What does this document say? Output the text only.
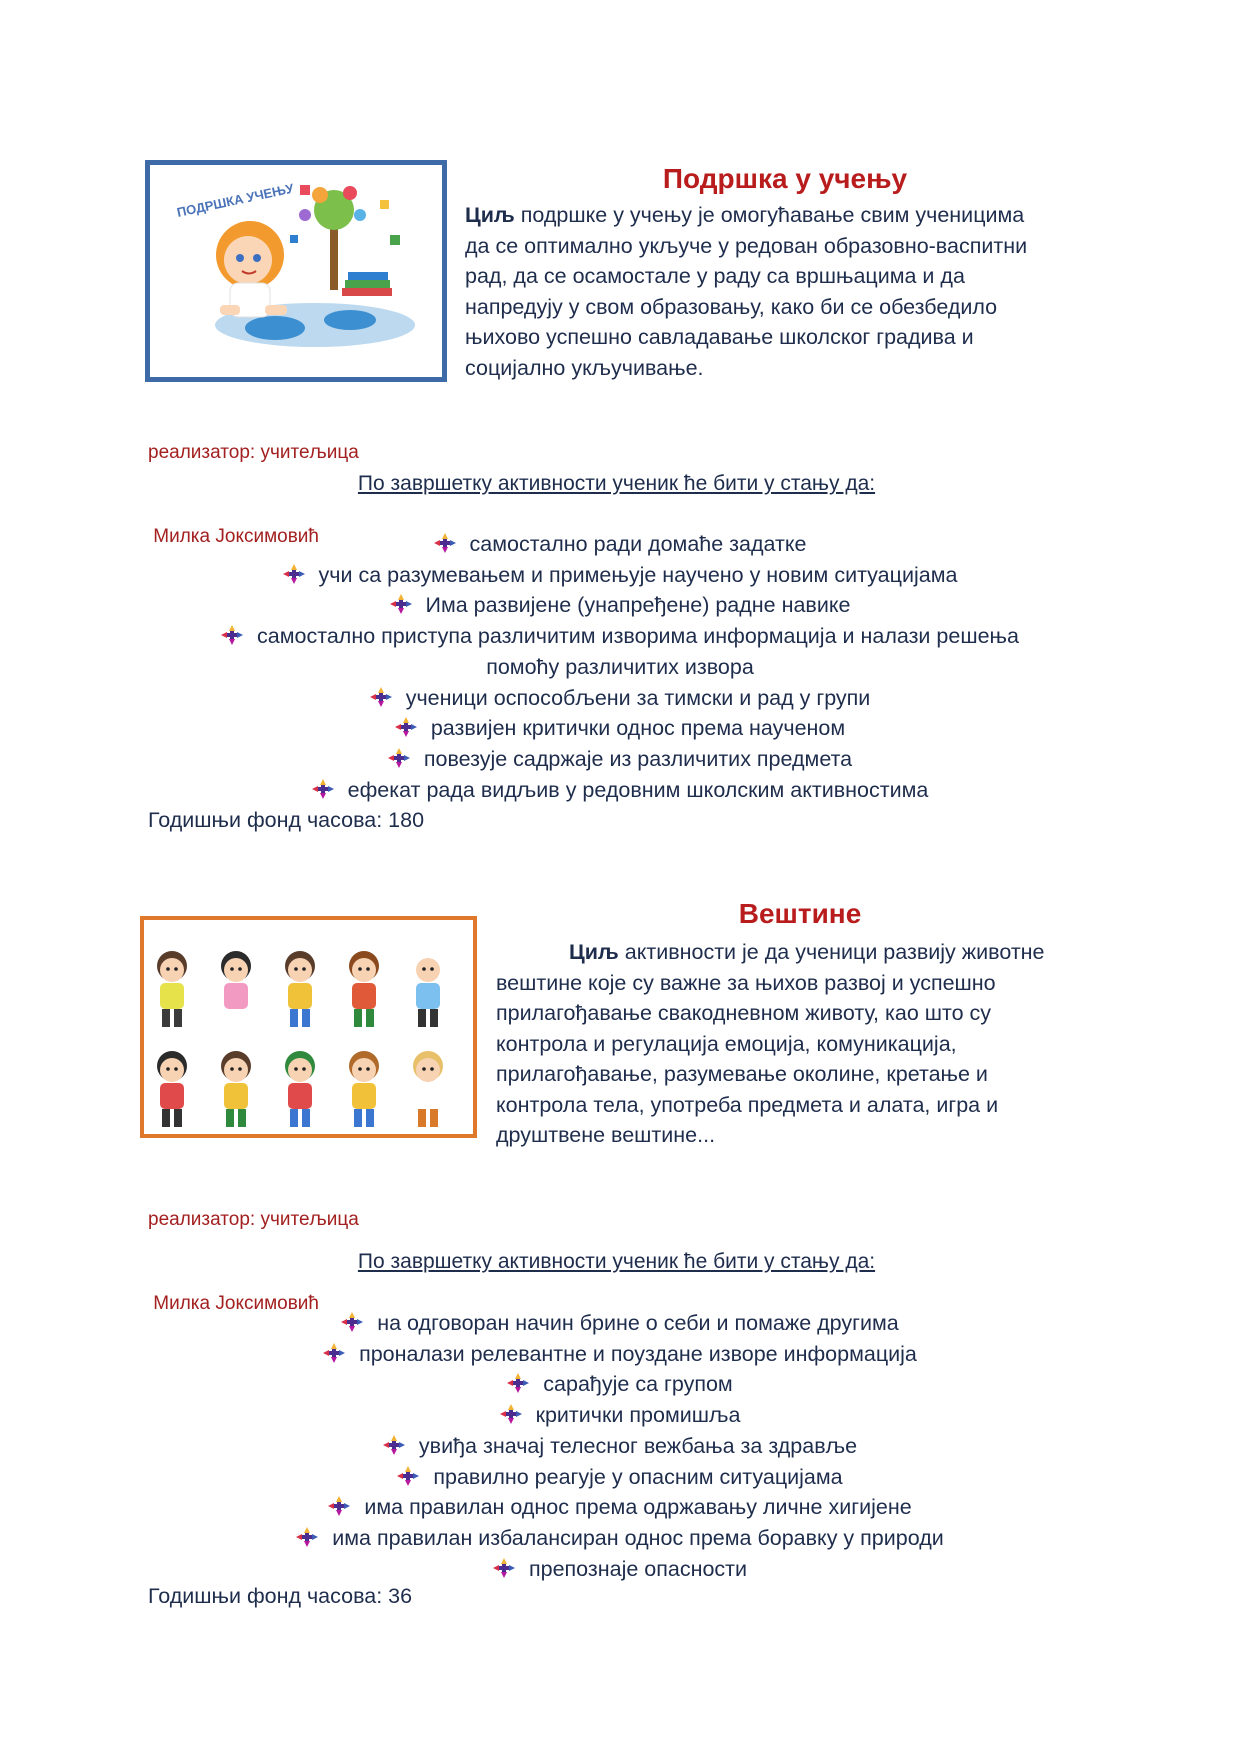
ПОДРШКА УЧЕЊУ
Подршка у учењу
Циљ подршке у учењу је омогућавање свим ученицима
да се оптимално укључе у редован образовно-васпитни
рад, да се осамостале у раду са вршњацима и да
напредују у свом образовању, како би се обезбедило
њихово успешно савладавање школског градива и
социјално укључивање.

реализатор: учитељица

Милка Јоксимовић

По завршетку активности ученик ће бити у стању да:
самостално ради домаће задатке
учи са разумевањем и примењује научено у новим ситуацијама
Има развијене (унапређене) радне навике
самостално приступа различитим изворима информација и налази решења
помоћу различитих извора
ученици оспособљени за тимски и рад у групи
развијен критички однос према наученом
повезује садржаје из различитих предмета
ефекат рада видљив у редовним школским активностима
Годишњи фонд часова: 180
Вештине
Циљ активности је да ученици развију животне
вештине које су важне за њихов развој и успешно
прилагођавање свакодневном животу, као што су
контрола и регулација емоција, комуникација,
прилагођавање, разумевање околине, кретање и
контрола тела, употреба предмета и алата, игра и
друштвене вештине...

реализатор: учитељица

Милка Јоксимовић

По завршетку активности ученик ће бити у стању да:
на одговоран начин брине о себи и помаже другима
проналази релевантне и поуздане изворе информација
сарађује са групом
критички промишља
увиђа значај телесног вежбања за здравље
правилно реагује у опасним ситуацијама
има правилан однос према одржавању личне хигијене
има правилан избалансиран однос према боравку у природи
препознаје опасности
Годишњи фонд часова: 36
